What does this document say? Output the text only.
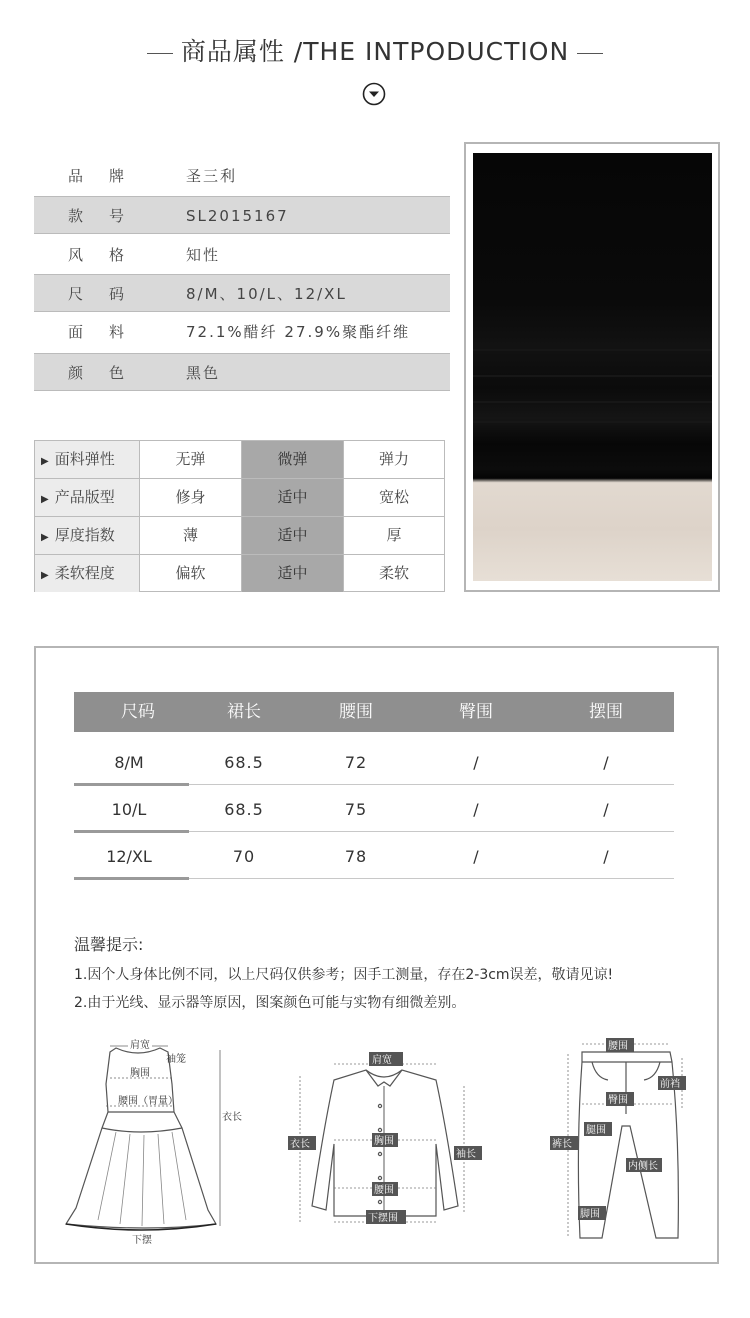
商品属性 /THE INTPODUCTION
品牌 圣三利
款号 SL2015167
风格 知性
尺码 8/M、10/L、12/XL
面料 72.1%醋纤 27.9%聚酯纤维
颜色 黑色
▶ 面料弹性	无弹	微弹	弹力
▶ 产品版型	修身	适中	宽松
▶ 厚度指数	薄	适中	厚
▶ 柔软程度	偏软	适中	柔软
尺码	裙长	腰围	臀围	摆围
8/M	68.5	72	/	/
10/L	68.5	75	/	/
12/XL	70	78	/	/
温馨提示:
1.因个人身体比例不同，以上尺码仅供参考；因手工测量，存在2-3cm误差，敬请见谅!
2.由于光线、显示器等原因，图案颜色可能与实物有细微差别。
肩宽
袖笼
胸围
腰围（胃量）
衣长
下摆
肩宽
衣长	胸围
袖长
腰围
下摆围
腰围
前裆
臀围
腿围
裤长
内侧长
脚围
